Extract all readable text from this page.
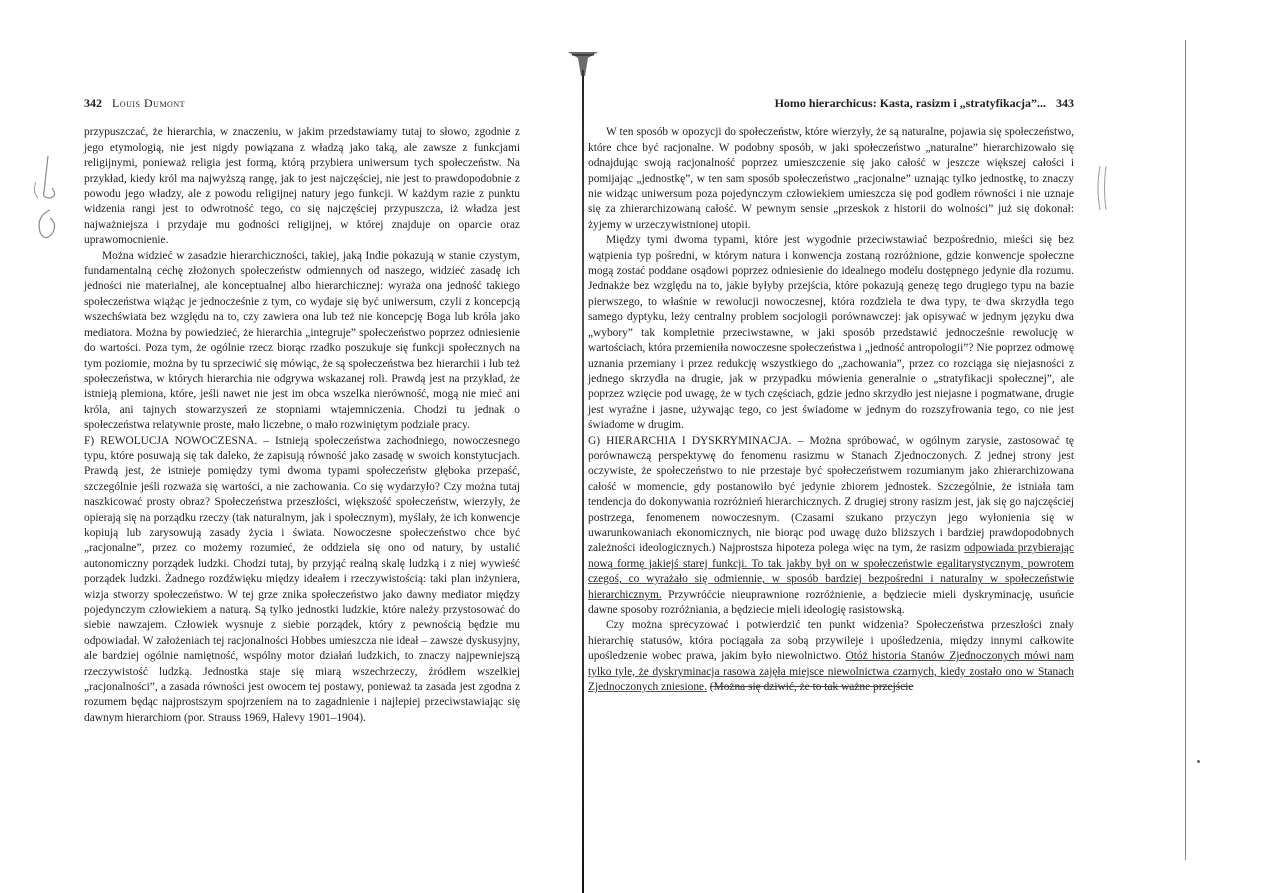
342 Louis Dumont

przypuszczać, że hierarchia, w znaczeniu, w jakim przedstawiamy tutaj to słowo, zgodnie z jego etymologią, nie jest nigdy powiązana z władzą jako taką, ale zawsze z funkcjami religijnymi, ponieważ religia jest formą, którą przybiera uniwersum tych społeczeństw. Na przykład, kiedy król ma najwyższą rangę, jak to jest najczęściej, nie jest to prawdopodobnie z powodu jego władzy, ale z powodu religijnej natury jego funkcji. W każdym razie z punktu widzenia rangi jest to odwrotność tego, co się najczęściej przypuszcza, iż władza jest najważniejsza i przydaje mu godności religijnej, w której znajduje on oparcie oraz uprawomocnienie.

Można widzieć w zasadzie hierarchiczności, takiej, jaką Indie pokazują w stanie czystym, fundamentalną cechę złożonych społeczeństw odmiennych od naszego, widzieć zasadę ich jedności nie materialnej, ale konceptualnej albo hierarchicznej: wyraża ona jedność takiego społeczeństwa wiążąc je jednocześnie z tym, co wydaje się być uniwersum, czyli z koncepcją wszechświata bez względu na to, czy zawiera ona lub też nie koncepcję Boga lub króla jako mediatora. Można by powiedzieć, że hierarchia „integruje” społeczeństwo poprzez odniesienie do wartości. Poza tym, że ogólnie rzecz biorąc rzadko poszukuje się funkcji społecznych na tym poziomie, można by tu sprzeciwić się mówiąc, że są społeczeństwa bez hierarchii i lub też społeczeństwa, w których hierarchia nie odgrywa wskazanej roli. Prawdą jest na przykład, że istnieją plemiona, które, jeśli nawet nie jest im obca wszelka nierówność, mogą nie mieć ani króla, ani tajnych stowarzyszeń ze stopniami wtajemniczenia. Chodzi tu jednak o społeczeństwa relatywnie proste, mało liczebne, o mało rozwiniętym podziale pracy.

F) REWOLUCJA NOWOCZESNA. – Istnieją społeczeństwa zachodniego, nowoczesnego typu, które posuwają się tak daleko, że zapisują równość jako zasadę w swoich konstytucjach. Prawdą jest, że istnieje pomiędzy tymi dwoma typami społeczeństw głęboka przepaść, szczególnie jeśli rozważa się wartości, a nie zachowania. Co się wydarzyło? Czy można tutaj naszkicować prosty obraz? Społeczeństwa przeszłości, większość społeczeństw, wierzyły, że opierają się na porządku rzeczy (tak naturalnym, jak i społecznym), myślały, że ich konwencje kopiują lub zarysowują zasady życia i świata. Nowoczesne społeczeństwo chce być „racjonalne”, przez co możemy rozumieć, że oddziela się ono od natury, by ustalić autonomiczny porządek ludzki. Chodzi tutaj, by przyjąć realną skalę ludzką i z niej wywieść porządek ludzki. Żadnego rozdźwięku między ideałem i rzeczywistością: taki plan inżyniera, wizja stworzy społeczeństwo. W tej grze znika społeczeństwo jako dawny mediator między pojedynczym człowiekiem a naturą. Są tylko jednostki ludzkie, które należy przystosować do siebie nawzajem. Człowiek wysnuje z siebie porządek, który z pewnością będzie mu odpowiadał. W założeniach tej racjonalności Hobbes umieszcza nie ideał – zawsze dyskusyjny, ale bardziej ogólnie namiętność, wspólny motor działań ludzkich, to znaczy najpewniejszą rzeczywistość ludzką. Jednostka staje się miarą wszechrzeczy, źródłem wszelkiej „racjonalności”, a zasada równości jest owocem tej postawy, ponieważ ta zasada jest zgodna z rozumem będąc najprostszym spojrzeniem na to zagadnienie i najlepiej przeciwstawiając się dawnym hierarchiom (por. Strauss 1969, Halevy 1901–1904).

Homo hierarchicus: Kasta, rasizm i „stratyfikacja”... 343

W ten sposób w opozycji do społeczeństw, które wierzyły, że są naturalne, pojawia się społeczeństwo, które chce być racjonalne. W podobny sposób, w jaki społeczeństwo „naturalne” hierarchizowało się odnajdując swoją racjonalność poprzez umieszczenie się jako całość w jeszcze większej całości i pomijając „jednostkę”, w ten sam sposób społeczeństwo „racjonalne” uznając tylko jednostkę, to znaczy nie widząc uniwersum poza pojedynczym człowiekiem umieszcza się pod godłem równości i nie uznaje się za zhierarchizowaną całość. W pewnym sensie „przeskok z historii do wolności” już się dokonał: żyjemy w urzeczywistnionej utopii.

Między tymi dwoma typami, które jest wygodnie przeciwstawiać bezpośrednio, mieści się bez wątpienia typ pośredni, w którym natura i konwencja zostaną rozróżnione, gdzie konwencje społeczne mogą zostać poddane osądowi poprzez odniesienie do idealnego modelu dostępnego jedynie dla rozumu. Jednakże bez względu na to, jakie byłyby przejścia, które pokazują genezę tego drugiego typu na bazie pierwszego, to właśnie w rewolucji nowoczesnej, która rozdziela te dwa typy, te dwa skrzydła tego samego dyptyku, leży centralny problem socjologii porównawczej: jak opisywać w jednym języku dwa „wybory” tak kompletnie przeciwstawne, w jaki sposób przedstawić jednocześnie rewolucję w wartościach, która przemieniła nowoczesne społeczeństwa i „jedność antropologii”? Nie poprzez odmowę uznania przemiany i przez redukcję wszystkiego do „zachowania”, przez co rozciąga się niejasności z jednego skrzydła na drugie, jak w przypadku mówienia generalnie o „stratyfikacji społecznej”, ale poprzez wzięcie pod uwagę, że w tych częściach, gdzie jedno skrzydło jest niejasne i pogmatwane, drugie jest wyraźne i jasne, używając tego, co jest świadome w jednym do rozszyfrowania tego, co nie jest świadome w drugim.

G) HIERARCHIA I DYSKRYMINACJA. – Można spróbować, w ogólnym zarysie, zastosować tę porównawczą perspektywę do fenomenu rasizmu w Stanach Zjednoczonych. Z jednej strony jest oczywiste, że społeczeństwo to nie przestaje być społeczeństwem rozumianym jako zhierarchizowana całość w momencie, gdy postanowiło być jedynie zbiorem jednostek. Szczególnie, że istniała tam tendencja do dokonywania rozróżnień hierarchicznych. Z drugiej strony rasizm jest, jak się go najczęściej postrzega, fenomenem nowoczesnym. (Czasami szukano przyczyn jego wyłonienia się w uwarunkowaniach ekonomicznych, nie biorąc pod uwagę dużo bliższych i bardziej prawdopodobnych zależności ideologicznych.) Najprostsza hipoteza polega więc na tym, że rasizm odpowiada przybierając nową formę jakiejś starej funkcji. To tak jakby był on w społeczeństwie egalitarystycznym, powrotem czegoś, co wyrażało się odmiennie, w sposób bardziej bezpośredni i naturalny w społeczeństwie hierarchicznym. Przywróćcie nieuprawnione rozróżnienie, a będziecie mieli dyskryminację, usuńcie dawne sposoby rozróżniania, a będziecie mieli ideologię rasistowską.

Czy można sprecyzować i potwierdzić ten punkt widzenia? Społeczeństwa przeszłości znały hierarchię statusów, która pociągała za sobą przywileje i upośledzenia, między innymi całkowite upośledzenie wobec prawa, jakim było niewolnictwo. Otóż historia Stanów Zjednoczonych mówi nam tylko tyle, że dyskryminacja rasowa zajęła miejsce niewolnictwa czarnych, kiedy zostało ono w Stanach Zjednoczonych zniesione. (Można się dziwić, że to tak ważne przejście
